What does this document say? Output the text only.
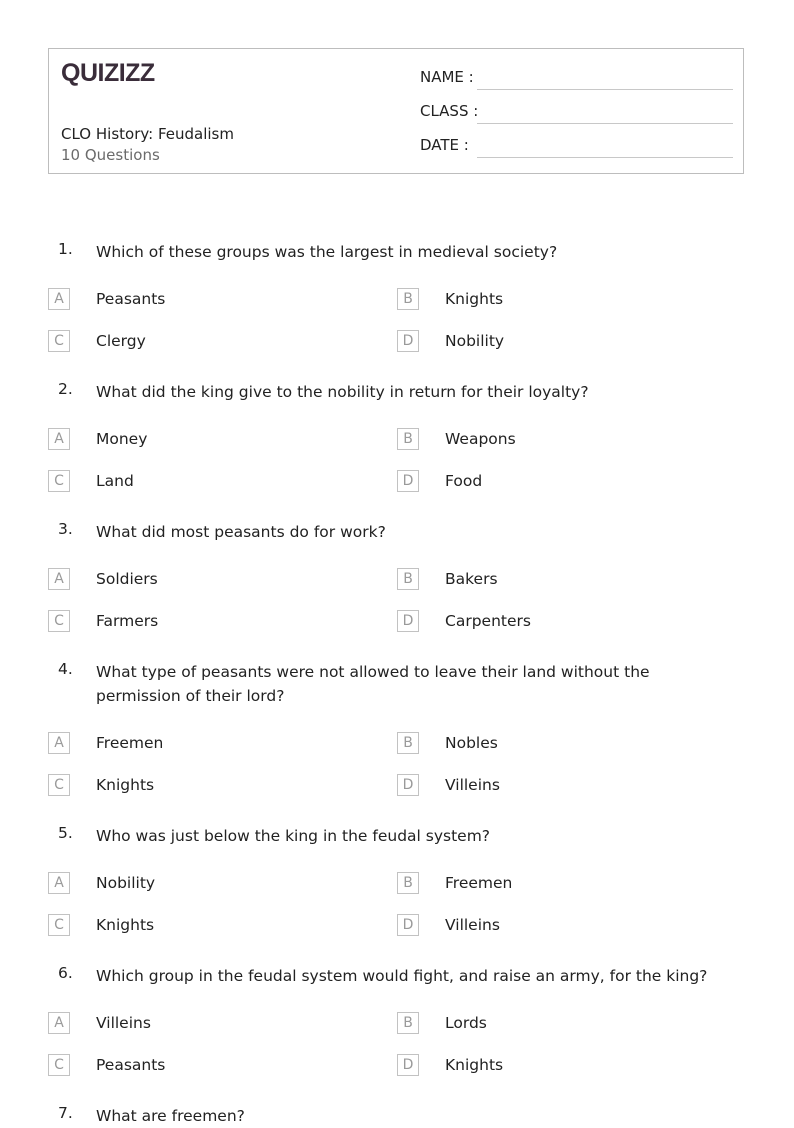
QUIZIZZ
CLO History: Feudalism
10 Questions
NAME :
CLASS :
DATE :
1. Which of these groups was the largest in medieval society?
A	Peasants	B	Knights
C	Clergy	D	Nobility
2. What did the king give to the nobility in return for their loyalty?
A	Money	B	Weapons
C	Land	D	Food
3. What did most peasants do for work?
A	Soldiers	B	Bakers
C	Farmers	D	Carpenters
4. What type of peasants were not allowed to leave their land without the permission of their lord?
A	Freemen	B	Nobles
C	Knights	D	Villeins
5. Who was just below the king in the feudal system?
A	Nobility	B	Freemen
C	Knights	D	Villeins
6. Which group in the feudal system would fight, and raise an army, for the king?
A	Villeins	B	Lords
C	Peasants	D	Knights
7. What are freemen?
